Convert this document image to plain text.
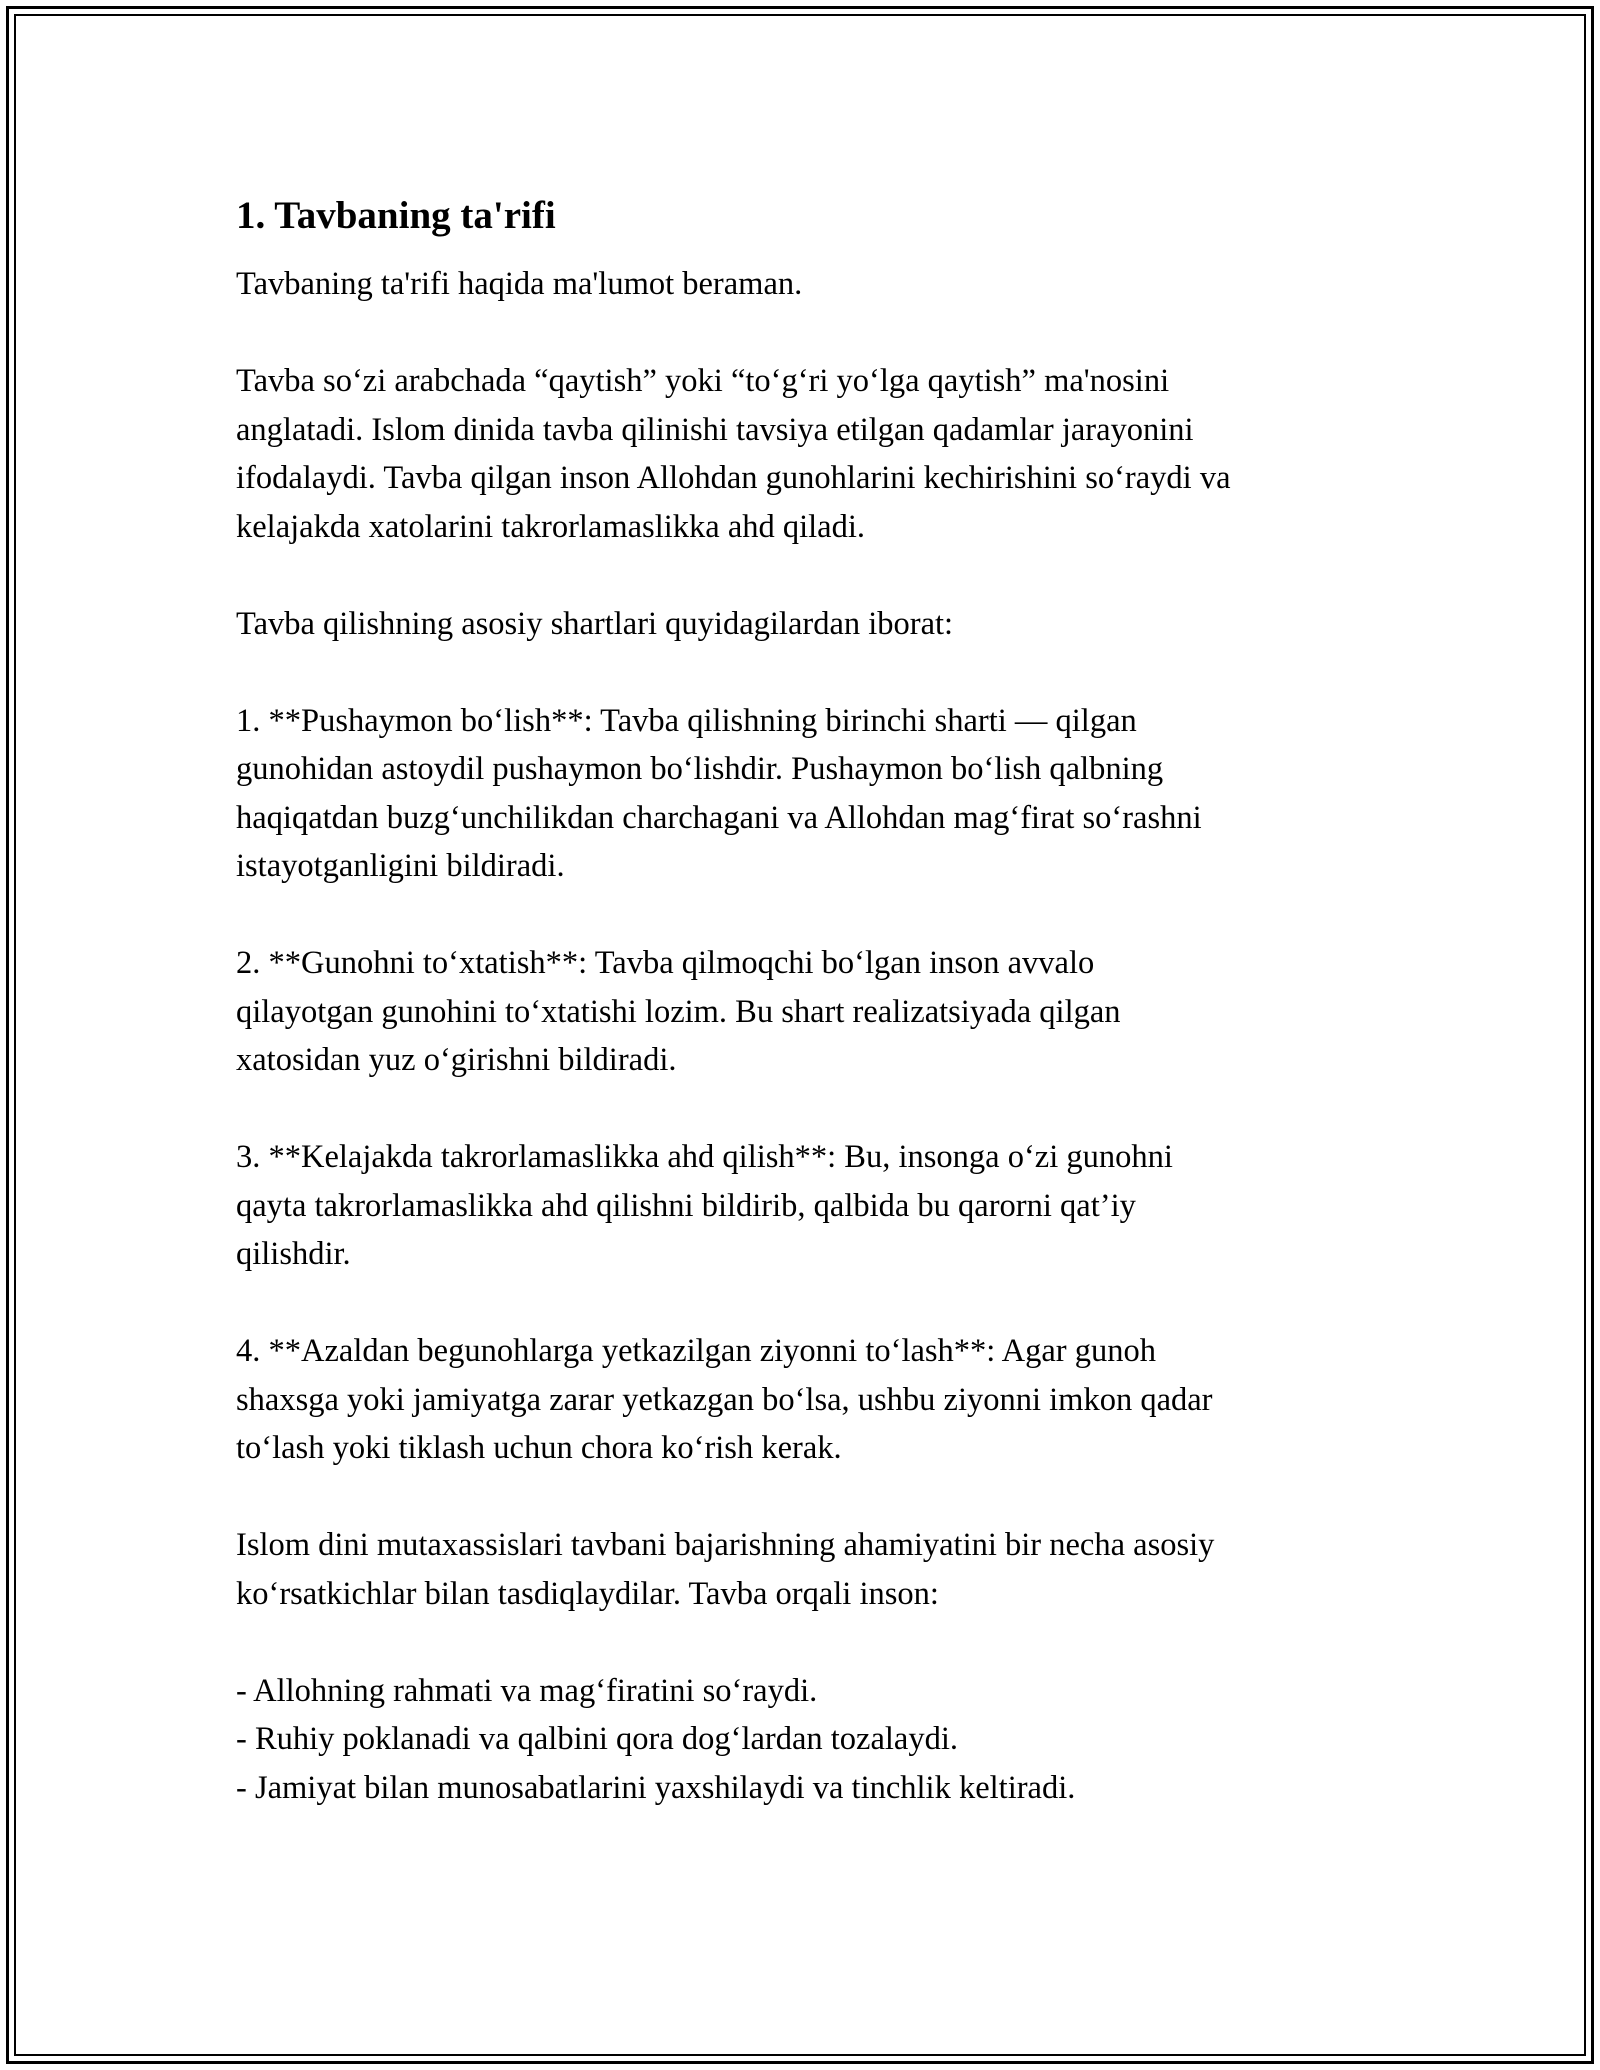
1. Tavbaning ta'rifi

Tavbaning ta'rifi haqida ma'lumot beraman.

Tavba so‘zi arabchada “qaytish” yoki “to‘g‘ri yo‘lga qaytish” ma'nosini
anglatadi. Islom dinida tavba qilinishi tavsiya etilgan qadamlar jarayonini
ifodalaydi. Tavba qilgan inson Allohdan gunohlarini kechirishini so‘raydi va
kelajakda xatolarini takrorlamaslikka ahd qiladi.

Tavba qilishning asosiy shartlari quyidagilardan iborat:

1. **Pushaymon bo‘lish**: Tavba qilishning birinchi sharti — qilgan
gunohidan astoydil pushaymon bo‘lishdir. Pushaymon bo‘lish qalbning
haqiqatdan buzg‘unchilikdan charchagani va Allohdan mag‘firat so‘rashni
istayotganligini bildiradi.

2. **Gunohni to‘xtatish**: Tavba qilmoqchi bo‘lgan inson avvalo
qilayotgan gunohini to‘xtatishi lozim. Bu shart realizatsiyada qilgan
xatosidan yuz o‘girishni bildiradi.

3. **Kelajakda takrorlamaslikka ahd qilish**: Bu, insonga o‘zi gunohni
qayta takrorlamaslikka ahd qilishni bildirib, qalbida bu qarorni qat’iy
qilishdir.

4. **Azaldan begunohlarga yetkazilgan ziyonni to‘lash**: Agar gunoh
shaxsga yoki jamiyatga zarar yetkazgan bo‘lsa, ushbu ziyonni imkon qadar
to‘lash yoki tiklash uchun chora ko‘rish kerak.

Islom dini mutaxassislari tavbani bajarishning ahamiyatini bir necha asosiy
ko‘rsatkichlar bilan tasdiqlaydilar. Tavba orqali inson:

- Allohning rahmati va mag‘firatini so‘raydi.
- Ruhiy poklanadi va qalbini qora dog‘lardan tozalaydi.
- Jamiyat bilan munosabatlarini yaxshilaydi va tinchlik keltiradi.
